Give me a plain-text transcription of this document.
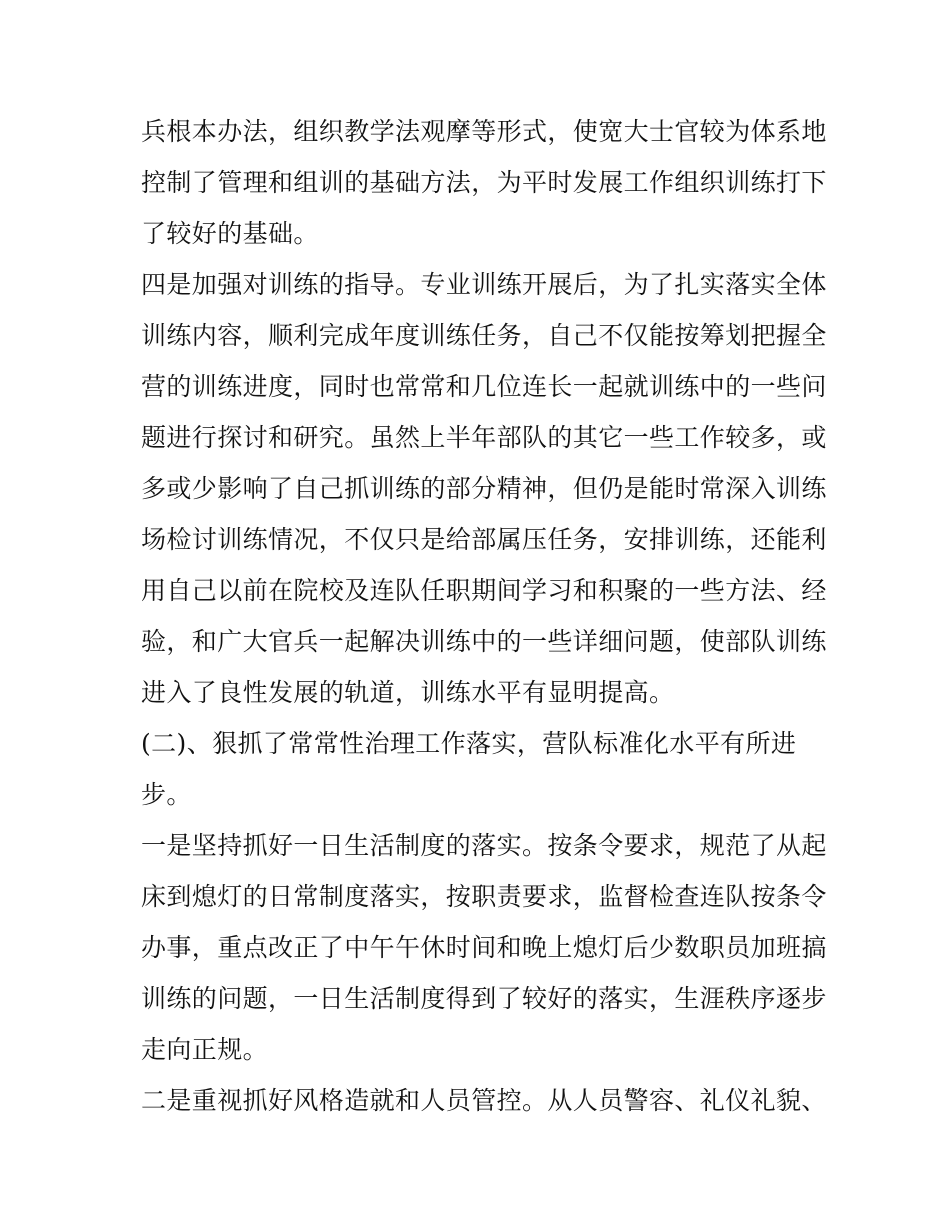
兵根本办法，组织教学法观摩等形式，使宽大士官较为体系地
控制了管理和组训的基础方法，为平时发展工作组织训练打下
了较好的基础。
四是加强对训练的指导。专业训练开展后，为了扎实落实全体
训练内容，顺利完成年度训练任务，自己不仅能按筹划把握全
营的训练进度，同时也常常和几位连长一起就训练中的一些问
题进行探讨和研究。虽然上半年部队的其它一些工作较多，或
多或少影响了自己抓训练的部分精神，但仍是能时常深入训练
场检讨训练情况，不仅只是给部属压任务，安排训练，还能利
用自己以前在院校及连队任职期间学习和积聚的一些方法、经
验，和广大官兵一起解决训练中的一些详细问题，使部队训练
进入了良性发展的轨道，训练水平有显明提高。
(二)、狠抓了常常性治理工作落实，营队标准化水平有所进
步。
一是坚持抓好一日生活制度的落实。按条令要求，规范了从起
床到熄灯的日常制度落实，按职责要求，监督检查连队按条令
办事，重点改正了中午午休时间和晚上熄灯后少数职员加班搞
训练的问题，一日生活制度得到了较好的落实，生涯秩序逐步
走向正规。
二是重视抓好风格造就和人员管控。从人员警容、礼仪礼貌、
